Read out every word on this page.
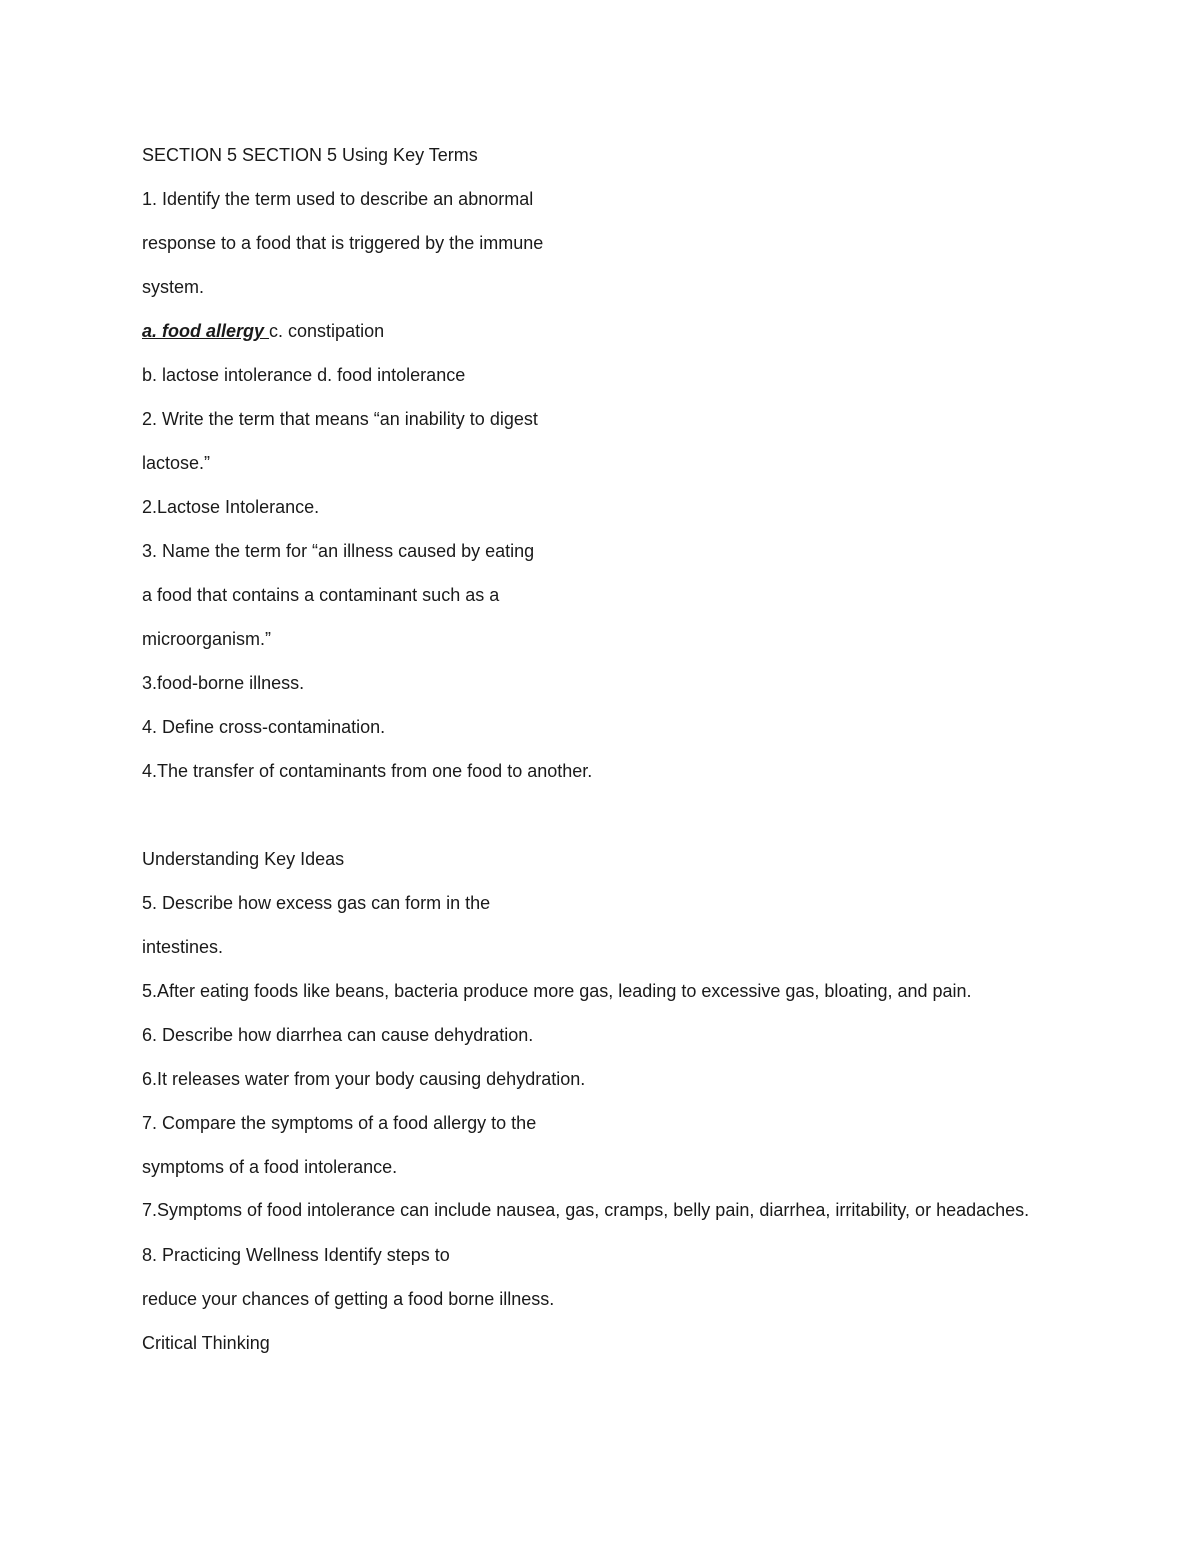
SECTION 5 SECTION 5 Using Key Terms

1. Identify the term used to describe an abnormal

response to a food that is triggered by the immune

system.

a. food allergy c. constipation

b. lactose intolerance d. food intolerance

2. Write the term that means “an inability to digest

lactose.”

2.Lactose Intolerance.

3. Name the term for “an illness caused by eating

a food that contains a contaminant such as a

microorganism.”

3.food-borne illness.

4. Define cross-contamination.

4.The transfer of contaminants from one food to another.

Understanding Key Ideas

5. Describe how excess gas can form in the

intestines.

5.After eating foods like beans, bacteria produce more gas, leading to excessive gas, bloating, and pain.

6. Describe how diarrhea can cause dehydration.

6.It releases water from your body causing dehydration.

7. Compare the symptoms of a food allergy to the

symptoms of a food intolerance.

7.Symptoms of food intolerance can include nausea, gas, cramps, belly pain, diarrhea, irritability, or headaches.

8. Practicing Wellness Identify steps to

reduce your chances of getting a food borne illness.

Critical Thinking
